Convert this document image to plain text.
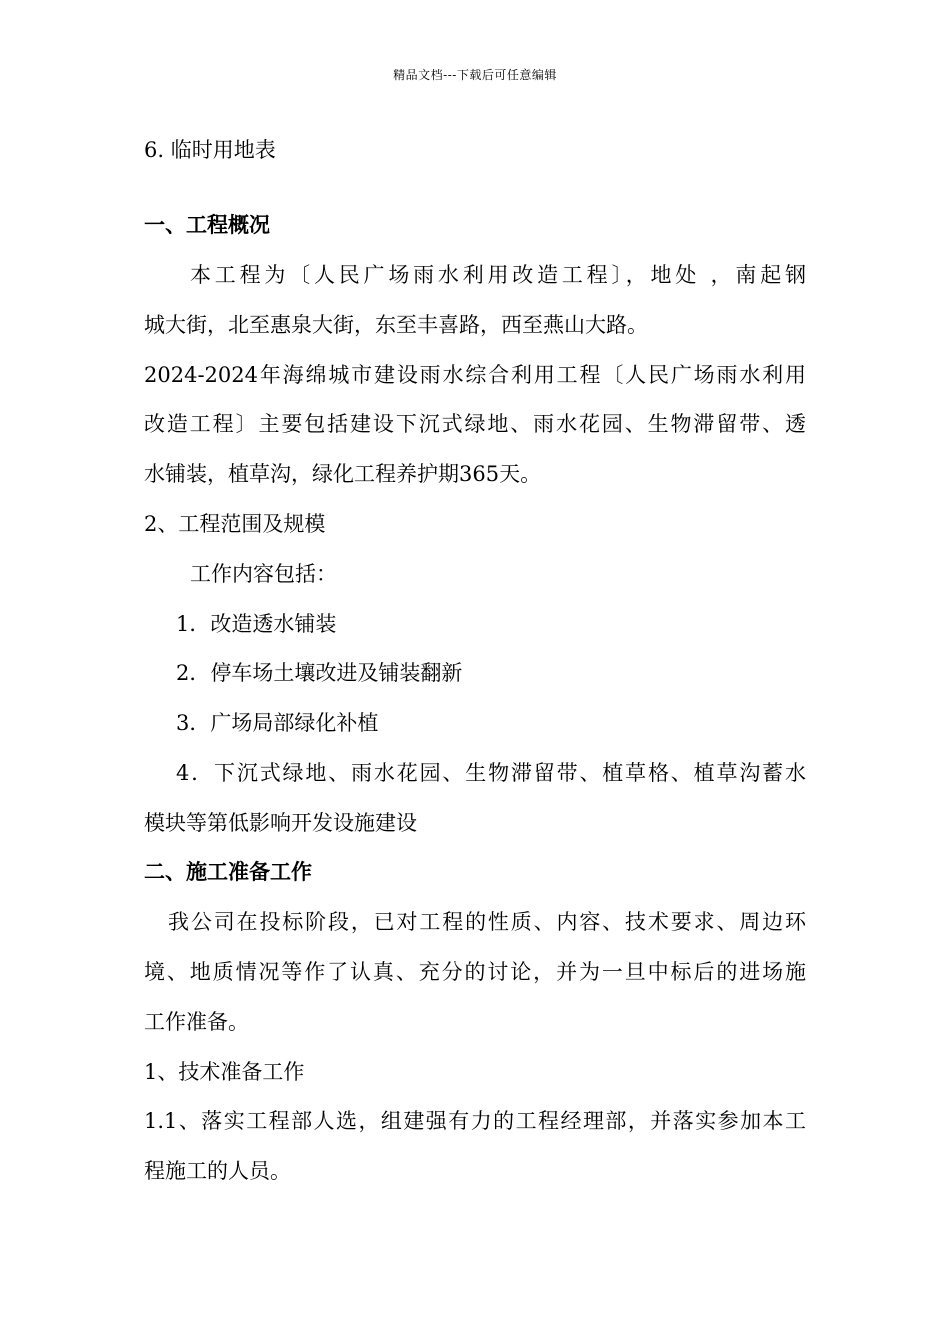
精品文档---下载后可任意编辑
6. 临时用地表
一、工程概况
本工程为〔人民广场雨水利用改造工程〕，地处 ，南起钢
城大街，北至惠泉大街，东至丰喜路，西至燕山大路。
2024-2024年海绵城市建设雨水综合利用工程〔人民广场雨水利用
改造工程〕主要包括建设下沉式绿地、雨水花园、生物滞留带、透
水铺装，植草沟，绿化工程养护期365天。
2、工程范围及规模
工作内容包括：
1．改造透水铺装
2．停车场土壤改进及铺装翻新
3．广场局部绿化补植
4．下沉式绿地、雨水花园、生物滞留带、植草格、植草沟蓄水
模块等第低影响开发设施建设
二、施工准备工作
我公司在投标阶段，已对工程的性质、内容、技术要求、周边环
境、地质情况等作了认真、充分的讨论，并为一旦中标后的进场施
工作准备。
1、技术准备工作
1.1、落实工程部人选，组建强有力的工程经理部，并落实参加本工
程施工的人员。
